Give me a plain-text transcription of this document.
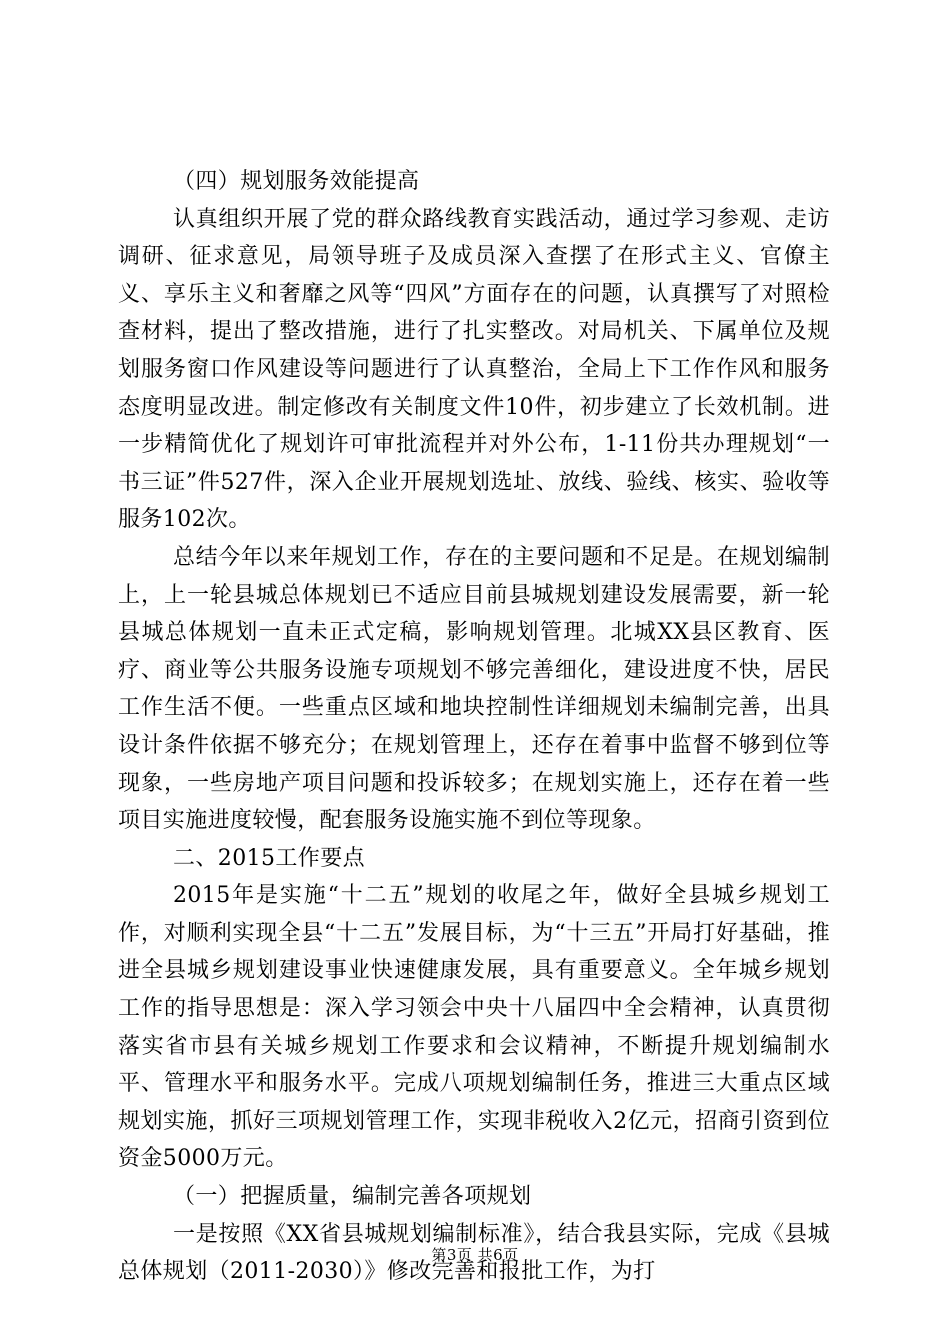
（四）规划服务效能提高

认真组织开展了党的群众路线教育实践活动，通过学习参观、走访调研、征求意见，局领导班子及成员深入查摆了在形式主义、官僚主义、享乐主义和奢靡之风等“四风”方面存在的问题，认真撰写了对照检查材料，提出了整改措施，进行了扎实整改。对局机关、下属单位及规划服务窗口作风建设等问题进行了认真整治，全局上下工作作风和服务态度明显改进。制定修改有关制度文件10件，初步建立了长效机制。进一步精简优化了规划许可审批流程并对外公布，1-11份共办理规划“一书三证”件527件，深入企业开展规划选址、放线、验线、核实、验收等服务102次。

总结今年以来年规划工作，存在的主要问题和不足是。在规划编制上，上一轮县城总体规划已不适应目前县城规划建设发展需要，新一轮县城总体规划一直未正式定稿，影响规划管理。北城XX县区教育、医疗、商业等公共服务设施专项规划不够完善细化，建设进度不快，居民工作生活不便。一些重点区域和地块控制性详细规划未编制完善，出具设计条件依据不够充分；在规划管理上，还存在着事中监督不够到位等现象，一些房地产项目问题和投诉较多；在规划实施上，还存在着一些项目实施进度较慢，配套服务设施实施不到位等现象。

二、2015工作要点

2015年是实施“十二五”规划的收尾之年，做好全县城乡规划工作，对顺利实现全县“十二五”发展目标，为“十三五”开局打好基础，推进全县城乡规划建设事业快速健康发展，具有重要意义。全年城乡规划工作的指导思想是：深入学习领会中央十八届四中全会精神，认真贯彻落实省市县有关城乡规划工作要求和会议精神，不断提升规划编制水平、管理水平和服务水平。完成八项规划编制任务，推进三大重点区域规划实施，抓好三项规划管理工作，实现非税收入2亿元，招商引资到位资金5000万元。

（一）把握质量，编制完善各项规划

一是按照《XX省县城规划编制标准》，结合我县实际，完成《县城总体规划（2011-2030）》修改完善和报批工作，为打

第3页 共6页
